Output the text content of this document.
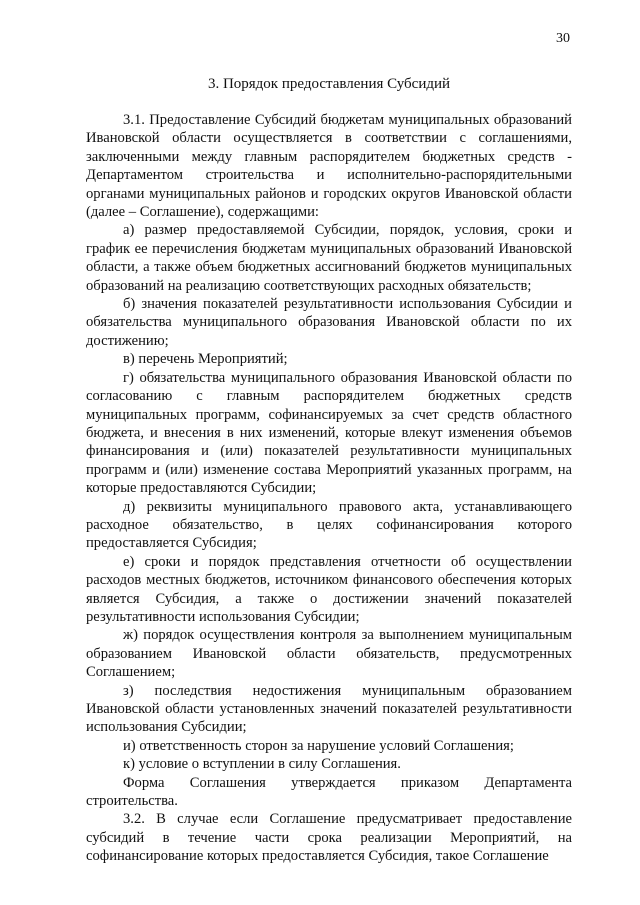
30
3. Порядок предоставления Субсидий

3.1. Предоставление Субсидий бюджетам муниципальных образований Ивановской области осуществляется в соответствии с соглашениями, заключенными между главным распорядителем бюджетных средств - Департаментом строительства и исполнительно-распорядительными органами муниципальных районов и городских округов Ивановской области (далее – Соглашение), содержащими:

а) размер предоставляемой Субсидии, порядок, условия, сроки и график ее перечисления бюджетам муниципальных образований Ивановской области, а также объем бюджетных ассигнований бюджетов муниципальных образований на реализацию соответствующих расходных обязательств;

б) значения показателей результативности использования Субсидии и обязательства муниципального образования Ивановской области по их достижению;

в) перечень Мероприятий;

г) обязательства муниципального образования Ивановской области по согласованию с главным распорядителем бюджетных средств муниципальных программ, софинансируемых за счет средств областного бюджета, и внесения в них изменений, которые влекут изменения объемов финансирования и (или) показателей результативности муниципальных программ и (или) изменение состава Мероприятий указанных программ, на которые предоставляются Субсидии;

д) реквизиты муниципального правового акта, устанавливающего расходное обязательство, в целях софинансирования которого предоставляется Субсидия;

е) сроки и порядок представления отчетности об осуществлении расходов местных бюджетов, источником финансового обеспечения которых является Субсидия, а также о достижении значений показателей результативности использования Субсидии;

ж) порядок осуществления контроля за выполнением муниципальным образованием Ивановской области обязательств, предусмотренных Соглашением;

з) последствия недостижения муниципальным образованием Ивановской области установленных значений показателей результативности использования Субсидии;

и) ответственность сторон за нарушение условий Соглашения;

к) условие о вступлении в силу Соглашения.

Форма Соглашения утверждается приказом Департамента строительства.

3.2. В случае если Соглашение предусматривает предоставление субсидий в течение части срока реализации Мероприятий, на софинансирование которых предоставляется Субсидия, такое Соглашение
